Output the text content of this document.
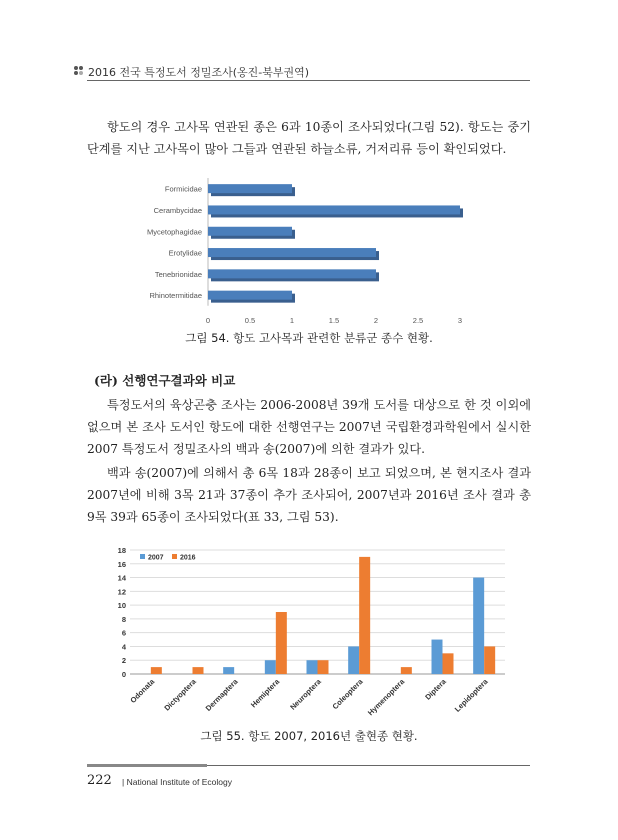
2016 전국 특정도서 정밀조사(옹진-북부권역)

항도의 경우 고사목 연관된 종은 6과 10종이 조사되었다(그림 52). 항도는 중기단계를 지난 고사목이 많아 그들과 연관된 하늘소류, 거저리류 등이 확인되었다.

Formicidae
Cerambycidae
Mycetophagidae
Erotylidae
Tenebrionidae
Rhinotermitidae
0	0.5	1	1.5	2	2.5	3
그림 54. 항도 고사목과 관련한 분류군 종수 현황.
(라) 선행연구결과와 비교

특정도서의 육상곤충 조사는 2006-2008년 39개 도서를 대상으로 한 것 이외에 없으며 본 조사 도서인 항도에 대한 선행연구는 2007년 국립환경과학원에서 실시한 2007 특정도서 정밀조사의 백과 송(2007)에 의한 결과가 있다.

백과 송(2007)에 의해서 총 6목 18과 28종이 보고 되었으며, 본 현지조사 결과 2007년에 비해 3목 21과 37종이 추가 조사되어, 2007년과 2016년 조사 결과 총 9목 39과 65종이 조사되었다(표 33, 그림 53).

0
2
4
6
8
10
12
14
16
18
Odonata Dictyoptera Dermaptera Hemiptera Neuroptera Coleoptera Hymenoptera Diptera Lepidoptera
2007 2016
그림 55. 항도 2007, 2016년 출현종 현황.
222 | National Institute of Ecology
